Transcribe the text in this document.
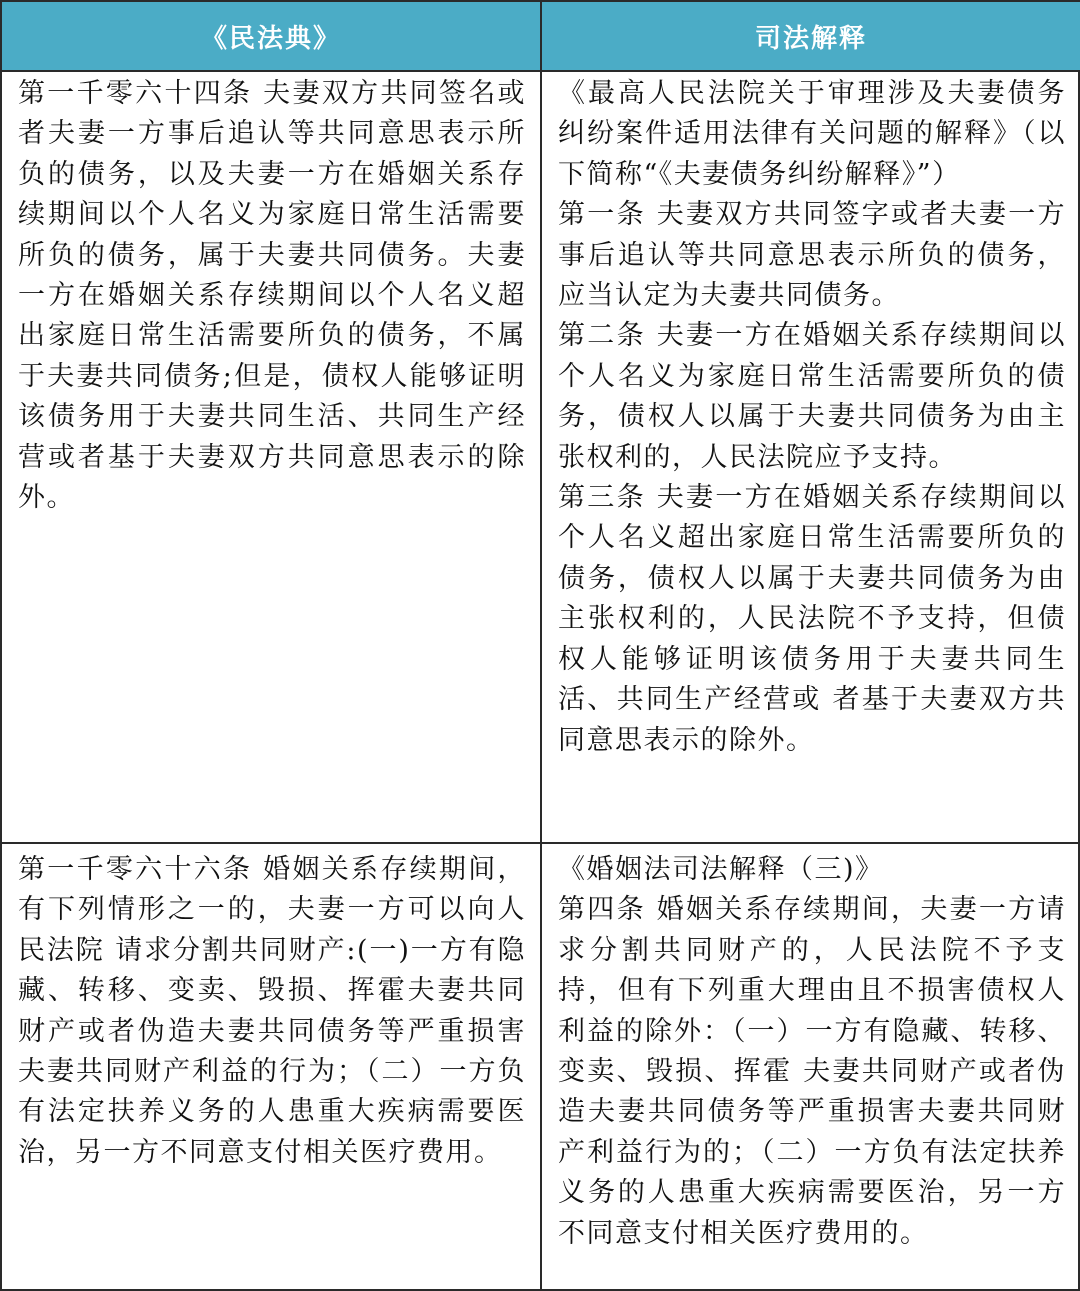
《民法典》	司法解释

第一千零六十四条 夫妻双方共同签名或者夫妻一方事后追认等共同意思表示所负的债务，以及夫妻一方在婚姻关系存续期间以个人名义为家庭日常生活需要所负的债务，属于夫妻共同债务。夫妻一方在婚姻关系存续期间以个人名义超出家庭日常生活需要所负的债务，不属于夫妻共同债务;但是，债权人能够证明该债务用于夫妻共同生活、共同生产经营或者基于夫妻双方共同意思表示的除外。

《最高人民法院关于审理涉及夫妻债务纠纷案件适用法律有关问题的解释》（以下简称“《夫妻债务纠纷解释》”）

第一条 夫妻双方共同签字或者夫妻一方事后追认等共同意思表示所负的债务，应当认定为夫妻共同债务。

第二条 夫妻一方在婚姻关系存续期间以个人名义为家庭日常生活需要所负的债务，债权人以属于夫妻共同债务为由主张权利的，人民法院应予支持。

第三条 夫妻一方在婚姻关系存续期间以个人名义超出家庭日常生活需要所负的债务，债权人以属于夫妻共同债务为由主张权利的，人民法院不予支持，但债权人能够证明该债务用于夫妻共同生活、共同生产经营或 者基于夫妻双方共同意思表示的除外。

第一千零六十六条 婚姻关系存续期间，有下列情形之一的，夫妻一方可以向人民法院 请求分割共同财产:(一)一方有隐藏、转移、变卖、毁损、挥霍夫妻共同财产或者伪造夫妻共同债务等严重损害夫妻共同财产利益的行为；（二）一方负有法定扶养义务的人患重大疾病需要医治，另一方不同意支付相关医疗费用。

《婚姻法司法解释（三)》

第四条 婚姻关系存续期间，夫妻一方请求分割共同财产的，人民法院不予支持，但有下列重大理由且不损害债权人利益的除外：（一）一方有隐藏、转移、变卖、毁损、挥霍 夫妻共同财产或者伪造夫妻共同债务等严重损害夫妻共同财产利益行为的；（二）一方负有法定扶养义务的人患重大疾病需要医治，另一方不同意支付相关医疗费用的。
